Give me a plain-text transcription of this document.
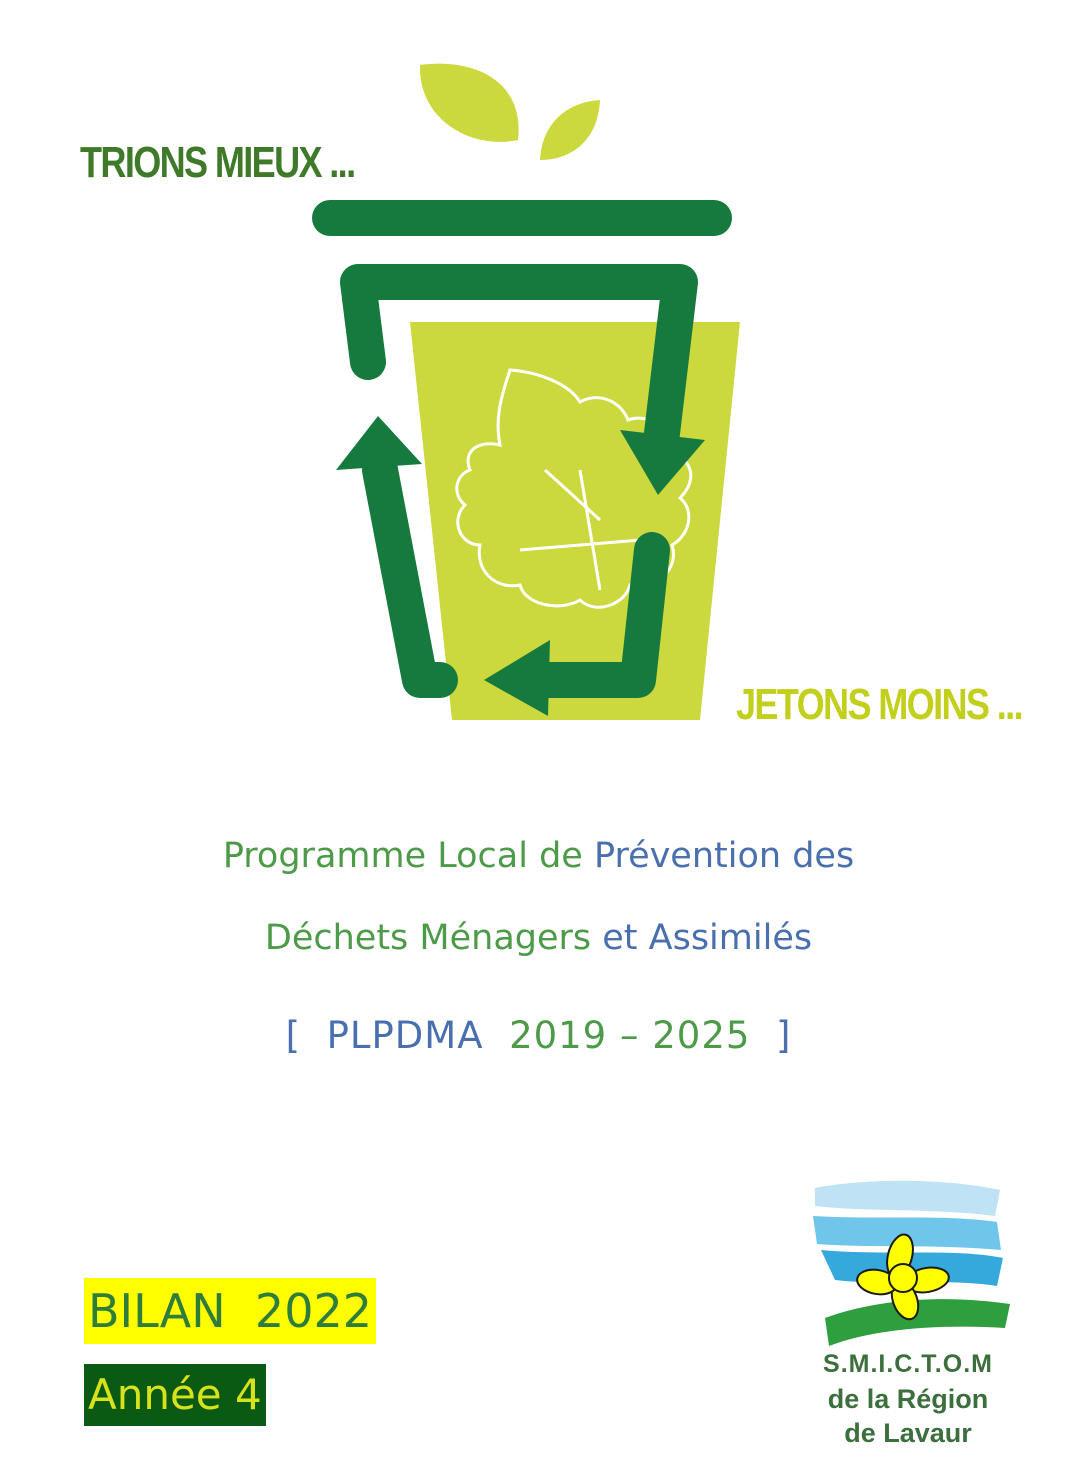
TRIONS MIEUX ...
JETONS MOINS ...
Programme Local de Prévention des
Déchets Ménagers et Assimilés
[  PLPDMA  2019 – 2025  ]
BILAN  2022
Année 4
S.M.I.C.T.O.M
de la Région
de Lavaur
